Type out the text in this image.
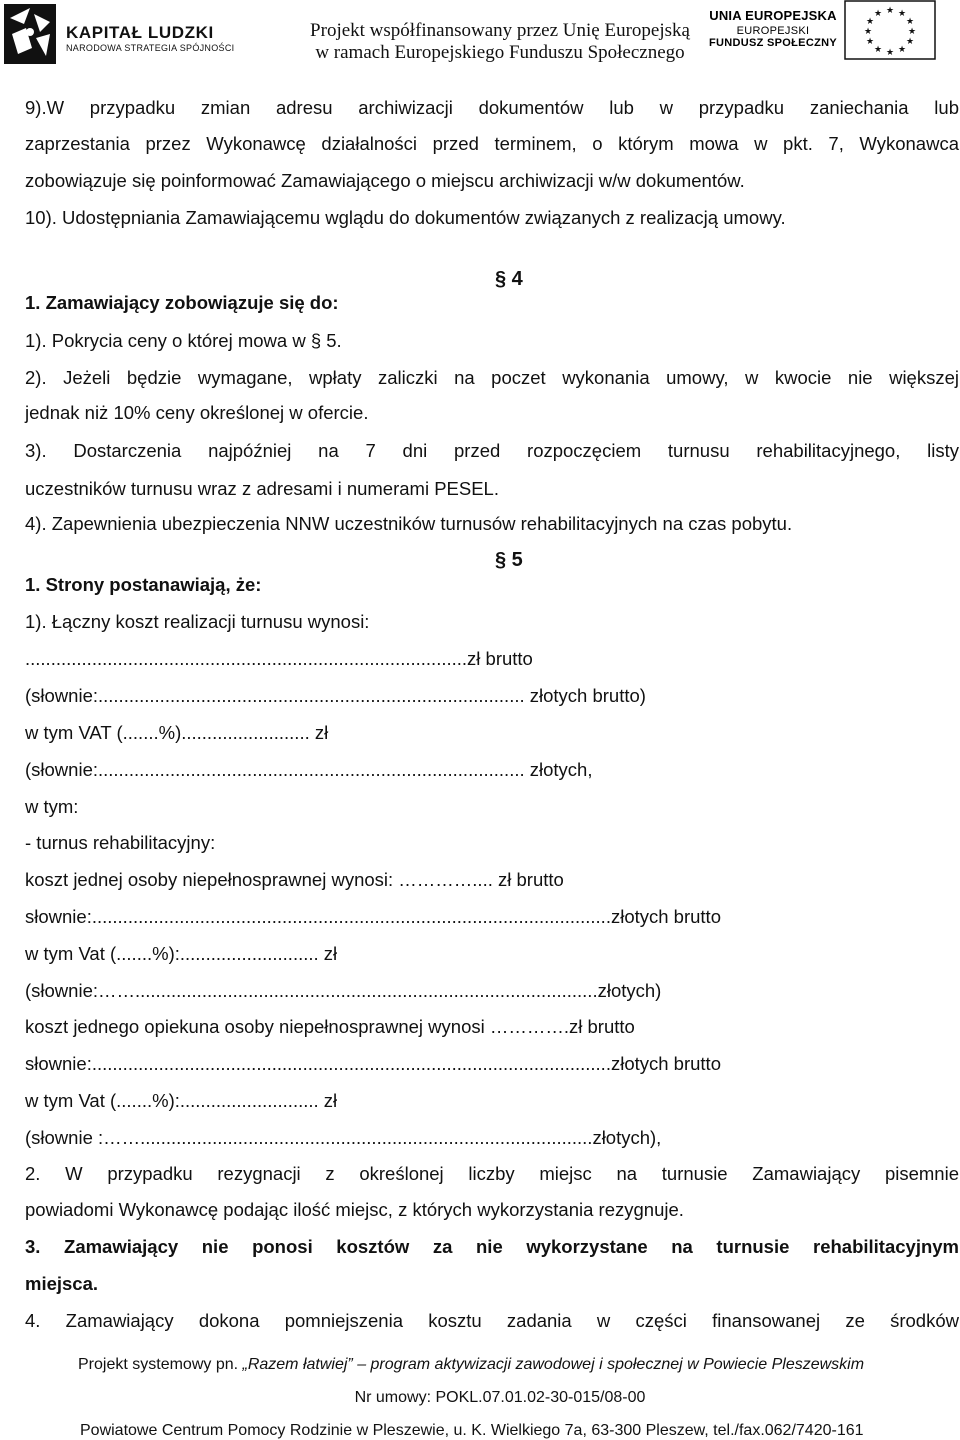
KAPITAŁ LUDZKI
NARODOWA STRATEGIA SPÓJNOŚCI
Projekt współfinansowany przez Unię Europejską
w ramach Europejskiego Funduszu Społecznego
UNIA EUROPEJSKA
EUROPEJSKI
FUNDUSZ SPOŁECZNY
★ ★
★
★
★
★
★
★
★
★
★
★
9).W przypadku zmian adresu archiwizacji dokumentów lub w przypadku zaniechania lub
zaprzestania przez Wykonawcę działalności przed terminem, o którym mowa w pkt. 7, Wykonawca
zobowiązuje się poinformować Zamawiającego o miejscu archiwizacji w/w dokumentów.
10). Udostępniania Zamawiającemu wglądu do dokumentów związanych z realizacją umowy.
§ 4
1. Zamawiający zobowiązuje się do:
1). Pokrycia ceny o której mowa w § 5.
2). Jeżeli będzie wymagane, wpłaty zaliczki na poczet wykonania umowy, w kwocie nie większej
jednak niż 10% ceny określonej w ofercie.
3). Dostarczenia najpóźniej na 7 dni przed rozpoczęciem turnusu rehabilitacyjnego, listy
uczestników turnusu wraz z adresami i numerami PESEL.
4). Zapewnienia ubezpieczenia NNW uczestników turnusów rehabilitacyjnych na czas pobytu.
§ 5
1. Strony postanawiają, że:
1). Łączny koszt realizacji turnusu wynosi:
......................................................................................zł brutto
(słownie:................................................................................... złotych brutto)
w tym VAT (.......%)......................... zł
(słownie:................................................................................... złotych,
w tym:
- turnus rehabilitacyjny:
koszt jednej osoby niepełnosprawnej wynosi: ………….... zł brutto
słownie:.....................................................................................................złotych brutto
w tym Vat (.......%):........................... zł
(słownie:……..........................................................................................złotych)
koszt jednego opiekuna osoby niepełnosprawnej wynosi ………….zł brutto
słownie:.....................................................................................................złotych brutto
w tym Vat (.......%):........................... zł
(słownie :……........................................................................................złotych),
2. W przypadku rezygnacji z określonej liczby miejsc na turnusie Zamawiający pisemnie
powiadomi Wykonawcę podając ilość miejsc, z których wykorzystania rezygnuje.
3. Zamawiający nie ponosi kosztów za nie wykorzystane na turnusie rehabilitacyjnym
miejsca.
4. Zamawiający dokona pomniejszenia kosztu zadania w części finansowanej ze środków
Projekt systemowy pn. „Razem łatwiej” – program aktywizacji zawodowej i społecznej w Powiecie Pleszewskim
Nr umowy: POKL.07.01.02-30-015/08-00
Powiatowe Centrum Pomocy Rodzinie w Pleszewie, u. K. Wielkiego 7a, 63-300 Pleszew, tel./fax.062/7420-161
